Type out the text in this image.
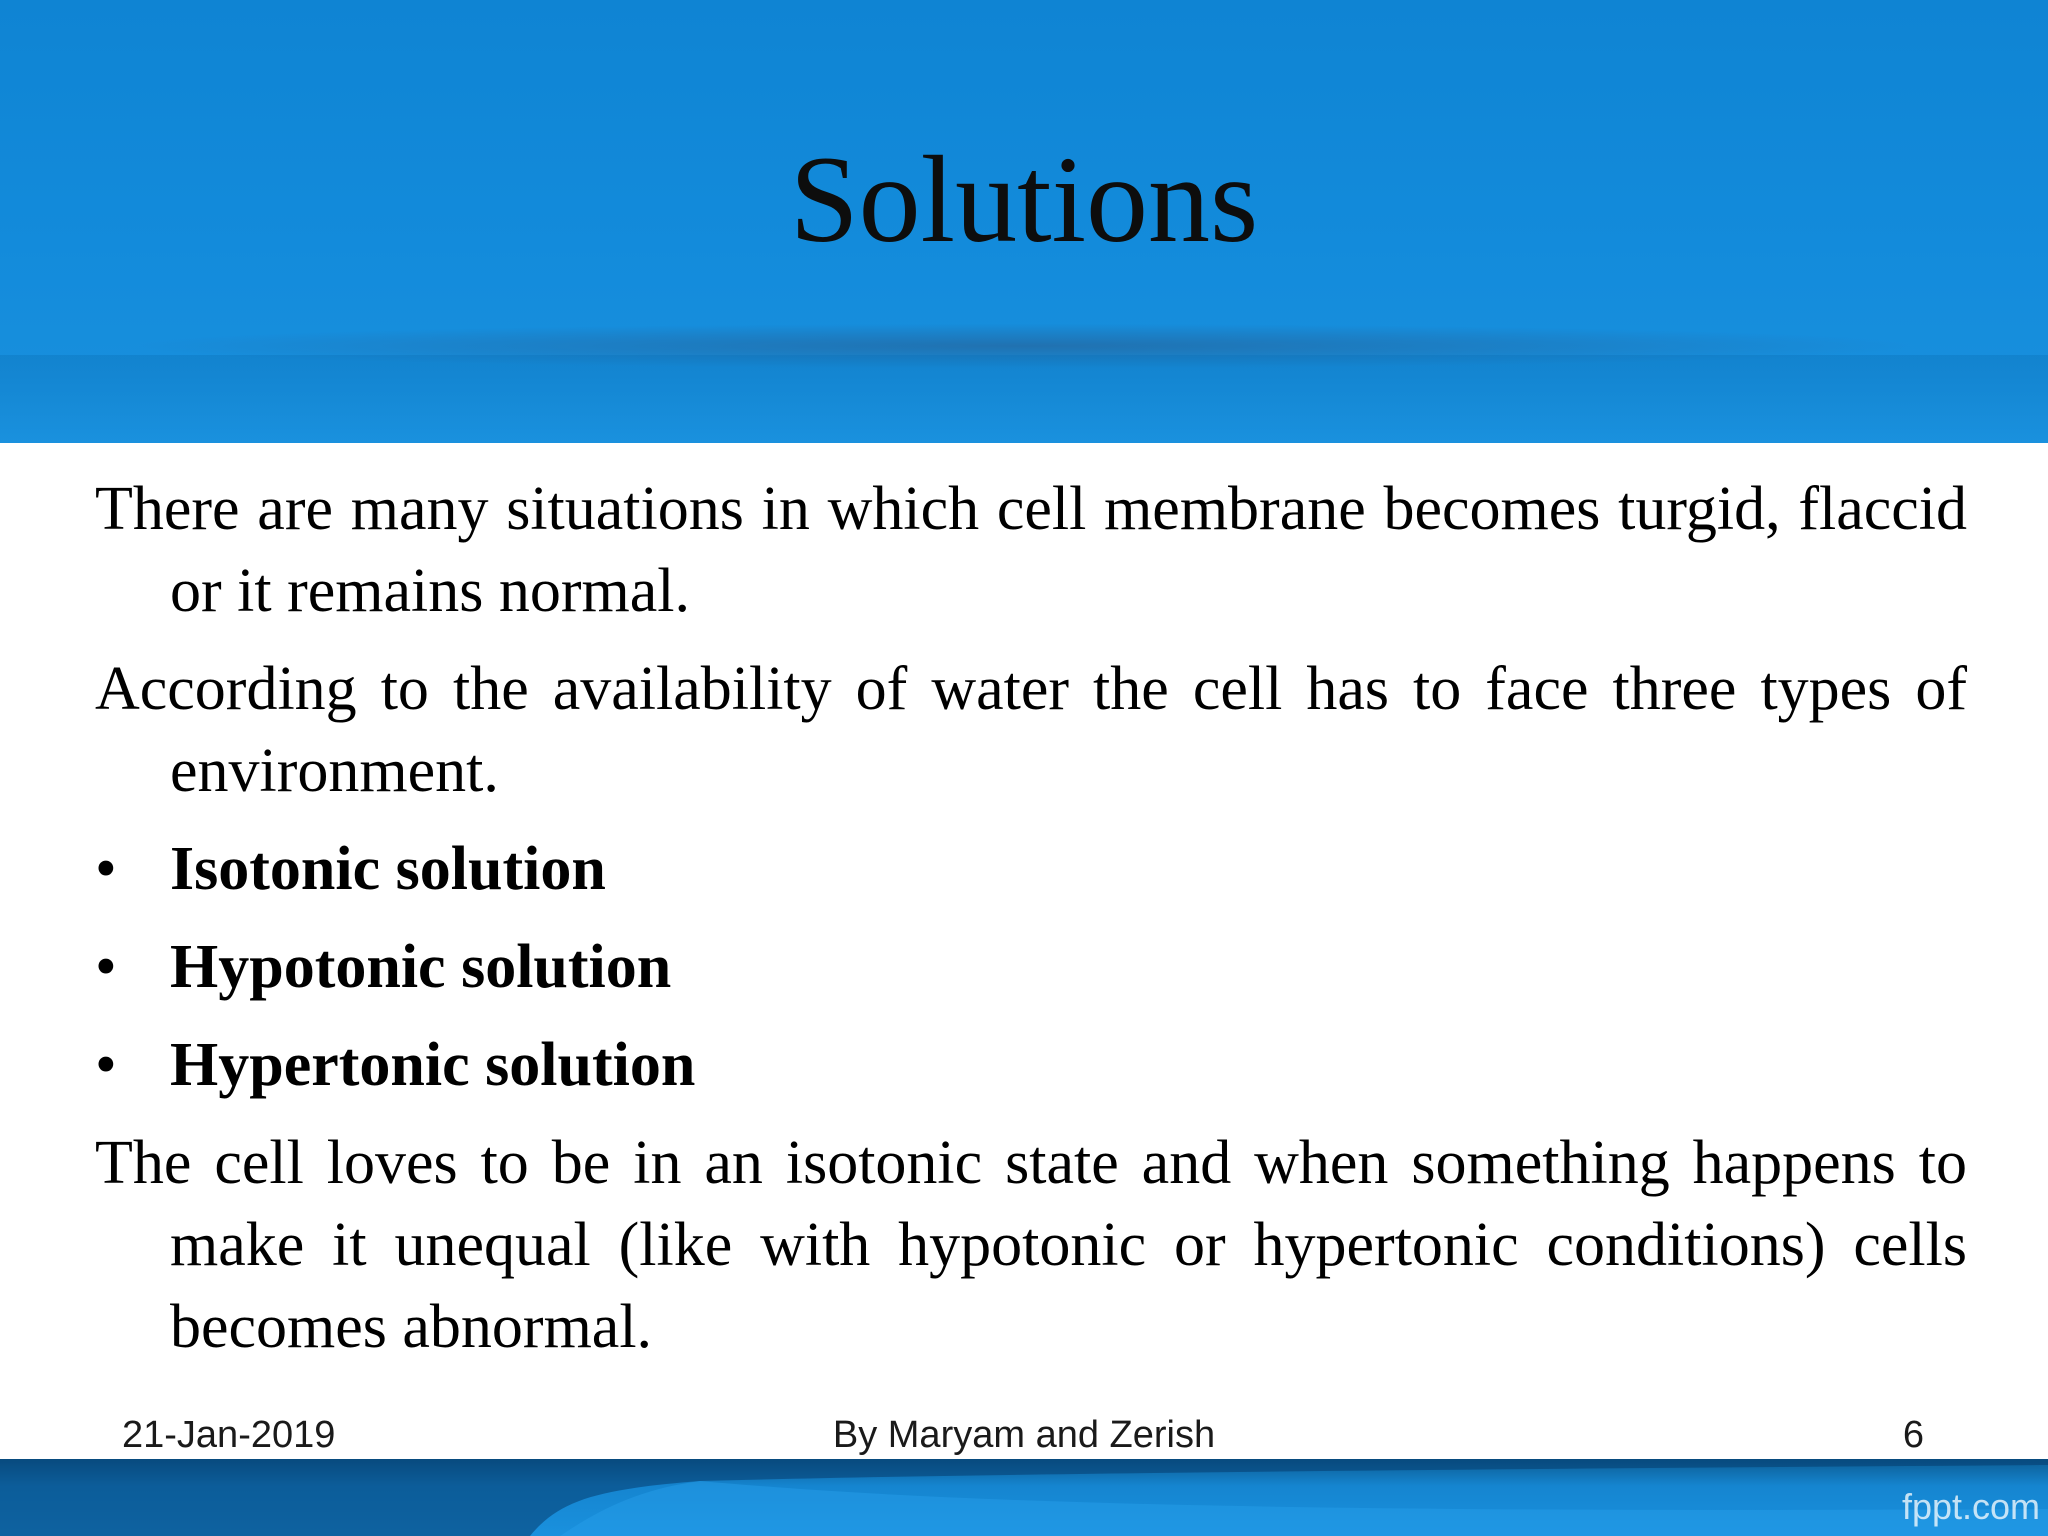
Solutions

There are many situations in which cell membrane becomes turgid, flaccid or it remains normal.

According to the availability of water the cell has to face three types of environment.

• Isotonic solution
• Hypotonic solution
• Hypertonic solution

The cell loves to be in an isotonic state and when something happens to make it unequal (like with hypotonic or hypertonic conditions) cells becomes abnormal.

21-Jan-2019	By Maryam and Zerish	6
fppt.com
